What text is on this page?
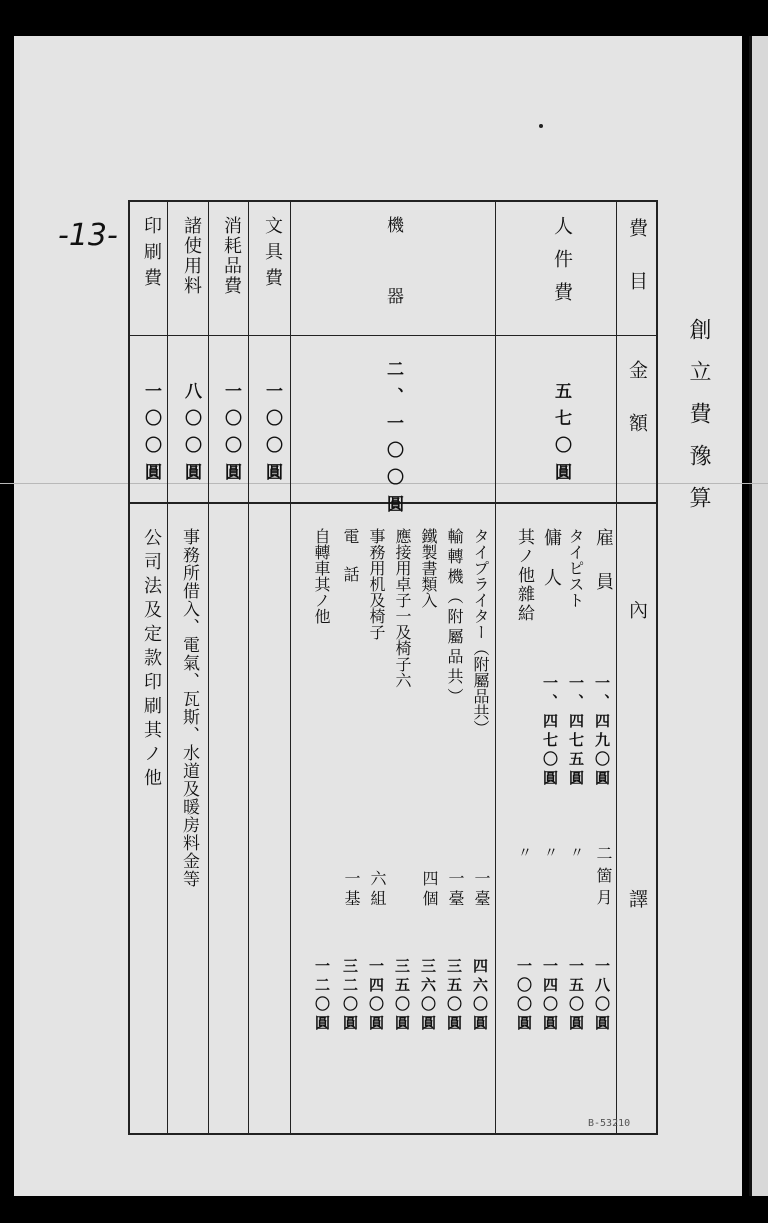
-13-
創立費豫算
費目
金額
內譯
人件費
五七〇圓
雇員
一、四九〇圓
二箇月
一八〇圓
タイピスト
一、四七五圓
〃
一五〇圓
傭人
一、四七〇圓
〃
一四〇圓
其ノ他雜給
〃
一〇〇圓
機器
二、一〇〇圓
タイプライター（附屬品共）
一臺
四六〇圓
輸轉機（附屬品共）
一臺
三五〇圓
鐵製書類入
四個
三六〇圓
應接用卓子一及椅子六
三五〇圓
事務用机及椅子
六組
一四〇圓
電話
一基
三二〇圓
自轉車其ノ他
一二〇圓
文具費
一〇〇圓
消耗品費
一〇〇圓
諸使用料
八〇〇圓
事務所借入、電氣、瓦斯、水道及暖房料金等
印刷費
一〇〇圓
公司法及定款印刷其ノ他
B-53210
